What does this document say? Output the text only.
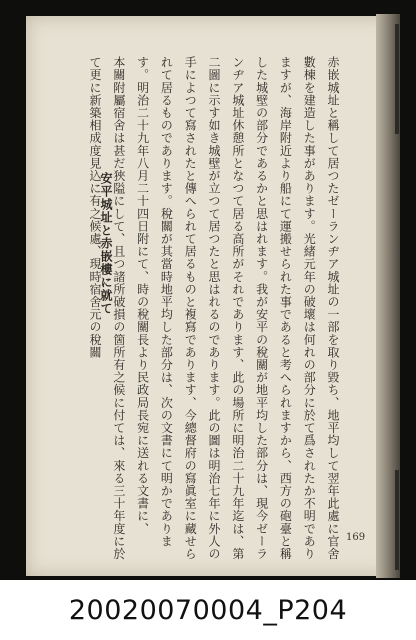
赤嵌城址と稱して居つたゼーランヂア城址の一部を取り毀ち、地平均して翌年此處に官舍數棟を建造した事があります。光緒元年の破壞は何れの部分に於て爲されたか不明でありますが、海岸附近より船にて運搬せられた事であると考へられますから、西方の砲臺と稱した城壁の部分であるかと思はれます。我が安平の稅關が地平均した部分は、現今ゼーランヂア城址休憩所となつて居る高所がそれであります、此の場所に明治二十九年迄は、第二圖に示す如き城壁が立つて居つたと思はれるのであります。此の圖は明治七年に外人の手によつて寫されたと傳へられて居るものと複寫であります、今總督府の寫眞室に藏せられて居るものであります。稅關が其當時地平均した部分は、次の文書にて明かであります。明治二十九年八月二十四日附にて、時の稅關長より民政局長宛に送れる文書に、

本關附屬宿舍は甚だ狹隘にして、且つ諸所破損の箇所有之候に付ては、來る三十年度に於て更に新築相成度見込に有之候處、現時宿舍元の稅關

安平城址と赤嵌樓に就て
169
20020070004_P204
